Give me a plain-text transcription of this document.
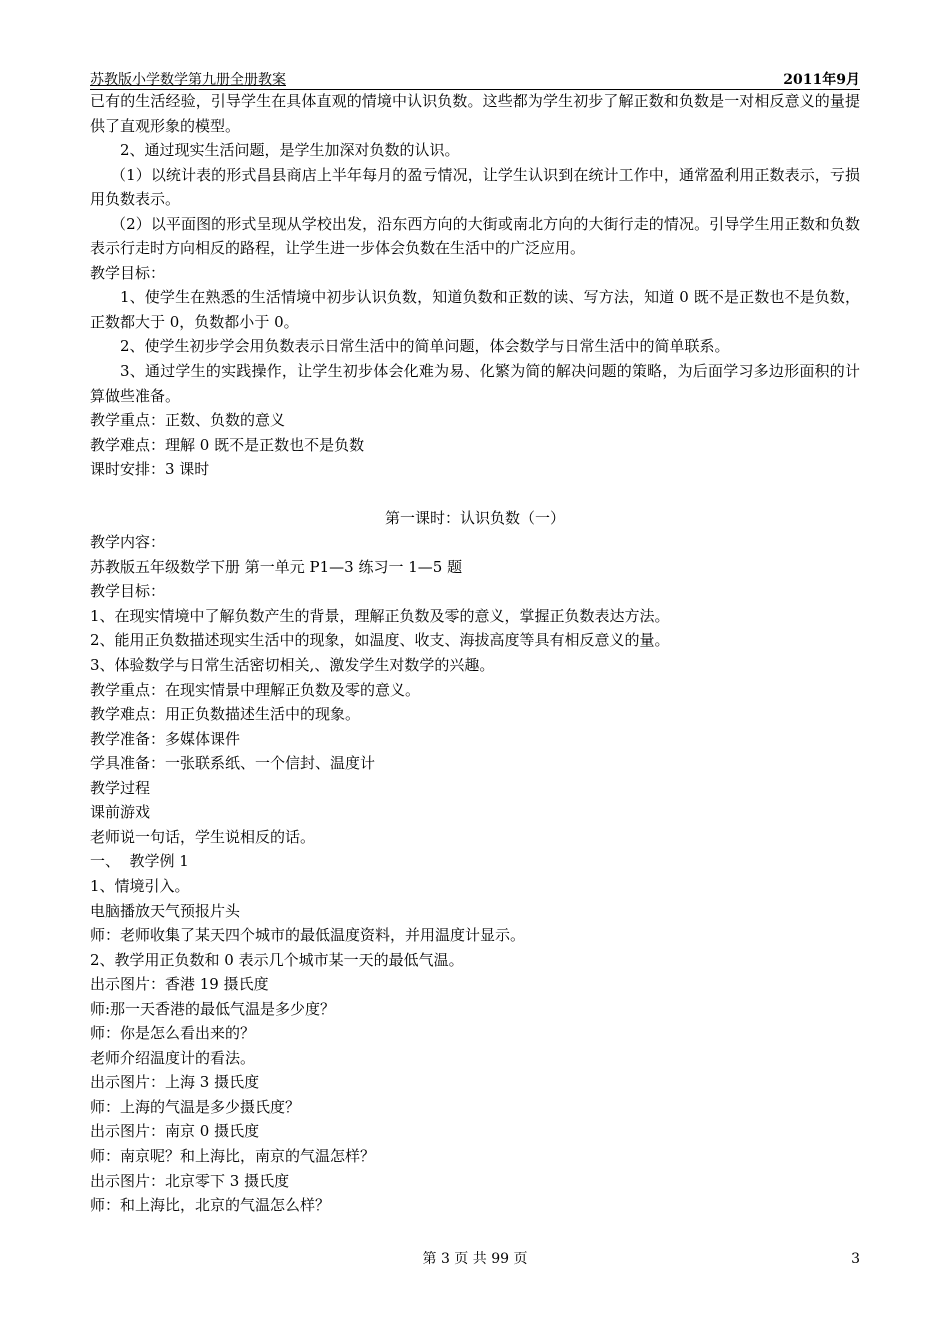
苏教版小学数学第九册全册教案	2011年9月

已有的生活经验，引导学生在具体直观的情境中认识负数。这些都为学生初步了解正数和负数是一对相反意义的量提供了直观形象的模型。

2、通过现实生活问题，是学生加深对负数的认识。

（1）以统计表的形式昌县商店上半年每月的盈亏情况，让学生认识到在统计工作中，通常盈利用正数表示，亏损用负数表示。

（2）以平面图的形式呈现从学校出发，沿东西方向的大街或南北方向的大街行走的情况。引导学生用正数和负数表示行走时方向相反的路程，让学生进一步体会负数在生活中的广泛应用。

教学目标：

1、使学生在熟悉的生活情境中初步认识负数，知道负数和正数的读、写方法，知道 0 既不是正数也不是负数，正数都大于 0，负数都小于 0。

2、使学生初步学会用负数表示日常生活中的简单问题，体会数学与日常生活中的简单联系。

3、通过学生的实践操作，让学生初步体会化难为易、化繁为简的解决问题的策略，为后面学习多边形面积的计算做些准备。

教学重点：正数、负数的意义

教学难点：理解 0 既不是正数也不是负数

课时安排：3 课时

第一课时：认识负数（一）

教学内容：

苏教版五年级数学下册 第一单元 P1—3 练习一 1—5 题

教学目标：

1、在现实情境中了解负数产生的背景，理解正负数及零的意义，掌握正负数表达方法。

2、能用正负数描述现实生活中的现象，如温度、收支、海拔高度等具有相反意义的量。

3、体验数学与日常生活密切相关,、激发学生对数学的兴趣。

教学重点：在现实情景中理解正负数及零的意义。

教学难点：用正负数描述生活中的现象。

教学准备：多媒体课件

学具准备：一张联系纸、一个信封、温度计

教学过程

课前游戏

老师说一句话，学生说相反的话。

一、  教学例 1

1、情境引入。

电脑播放天气预报片头

师：老师收集了某天四个城市的最低温度资料，并用温度计显示。

2、教学用正负数和 0 表示几个城市某一天的最低气温。

出示图片：香港 19 摄氏度

师:那一天香港的最低气温是多少度？

师：你是怎么看出来的？

老师介绍温度计的看法。

出示图片：上海 3 摄氏度

师：上海的气温是多少摄氏度？

出示图片：南京 0 摄氏度

师：南京呢？和上海比，南京的气温怎样？

出示图片：北京零下 3 摄氏度

师：和上海比，北京的气温怎么样？

第 3 页 共 99 页	3
